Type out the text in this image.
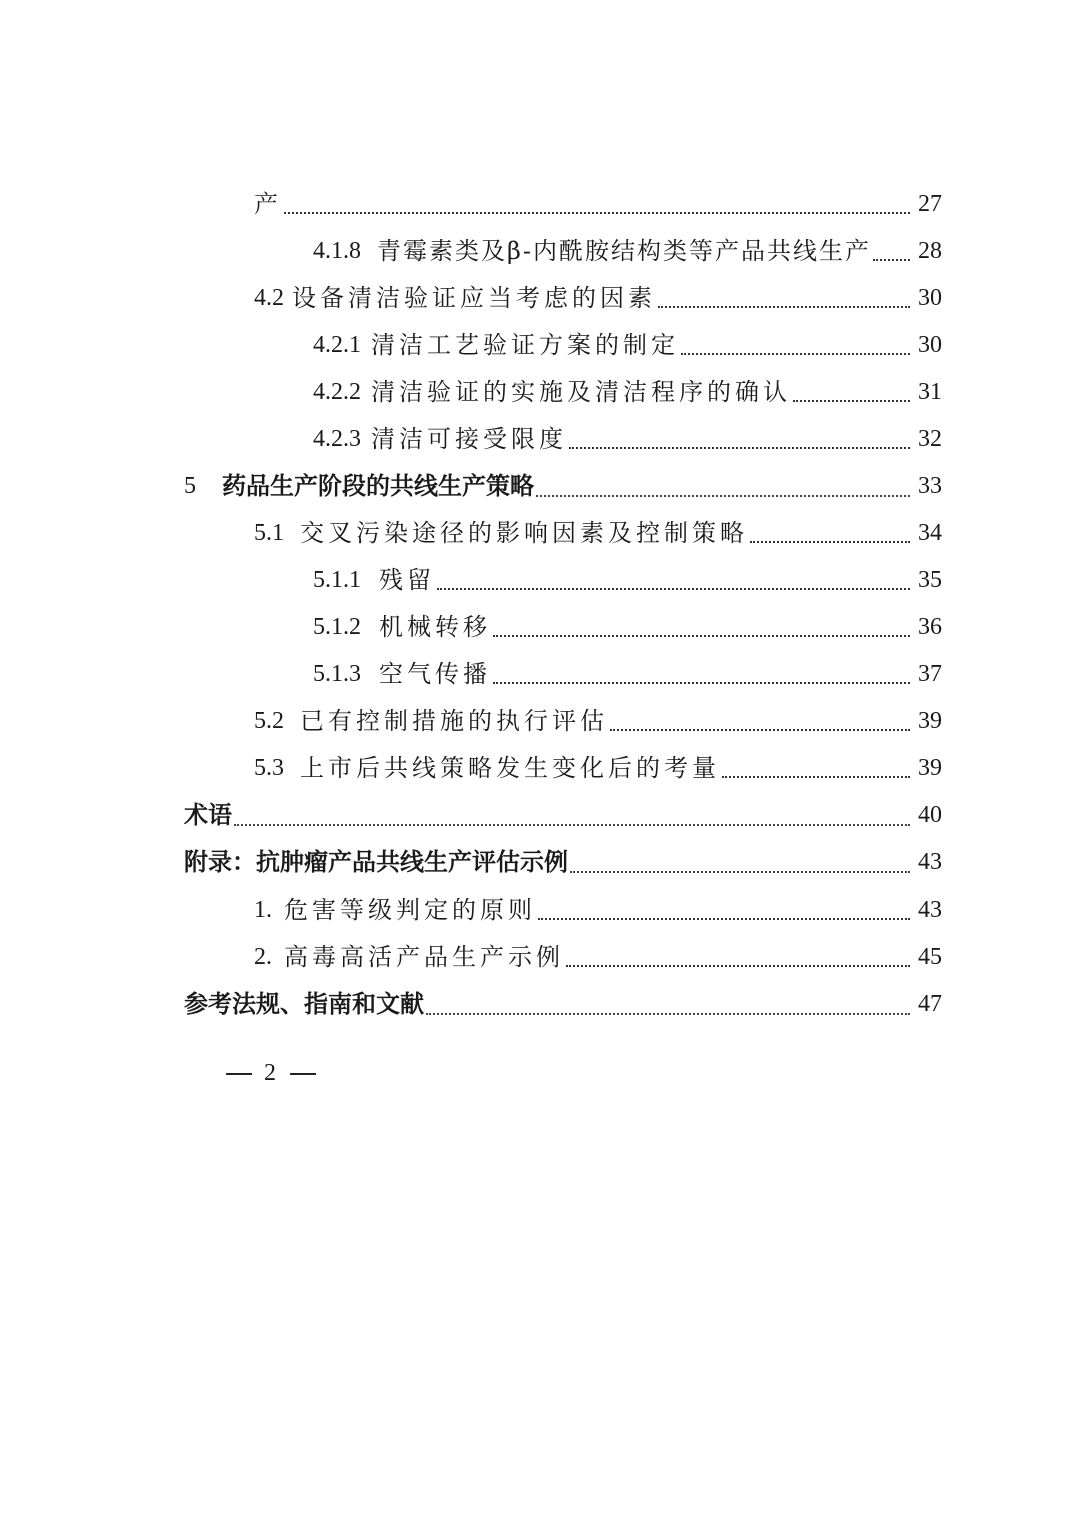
产	27
4.1.8 青霉素类及β-内酰胺结构类等产品共线生产 28
4.2 设备清洁验证应当考虑的因素	30
4.2.1 清洁工艺验证方案的制定	30
4.2.2 清洁验证的实施及清洁程序的确认	31
4.2.3 清洁可接受限度	32
5	药品生产阶段的共线生产策略	33
5.1 交叉污染途径的影响因素及控制策略	34
5.1.1 残留	35
5.1.2 机械转移	36
5.1.3 空气传播	37
5.2 已有控制措施的执行评估	39
5.3 上市后共线策略发生变化后的考量	39
术语	40
附录：抗肿瘤产品共线生产评估示例	43
1. 危害等级判定的原则	43
2. 高毒高活产品生产示例	45
参考法规、指南和文献	47
2
